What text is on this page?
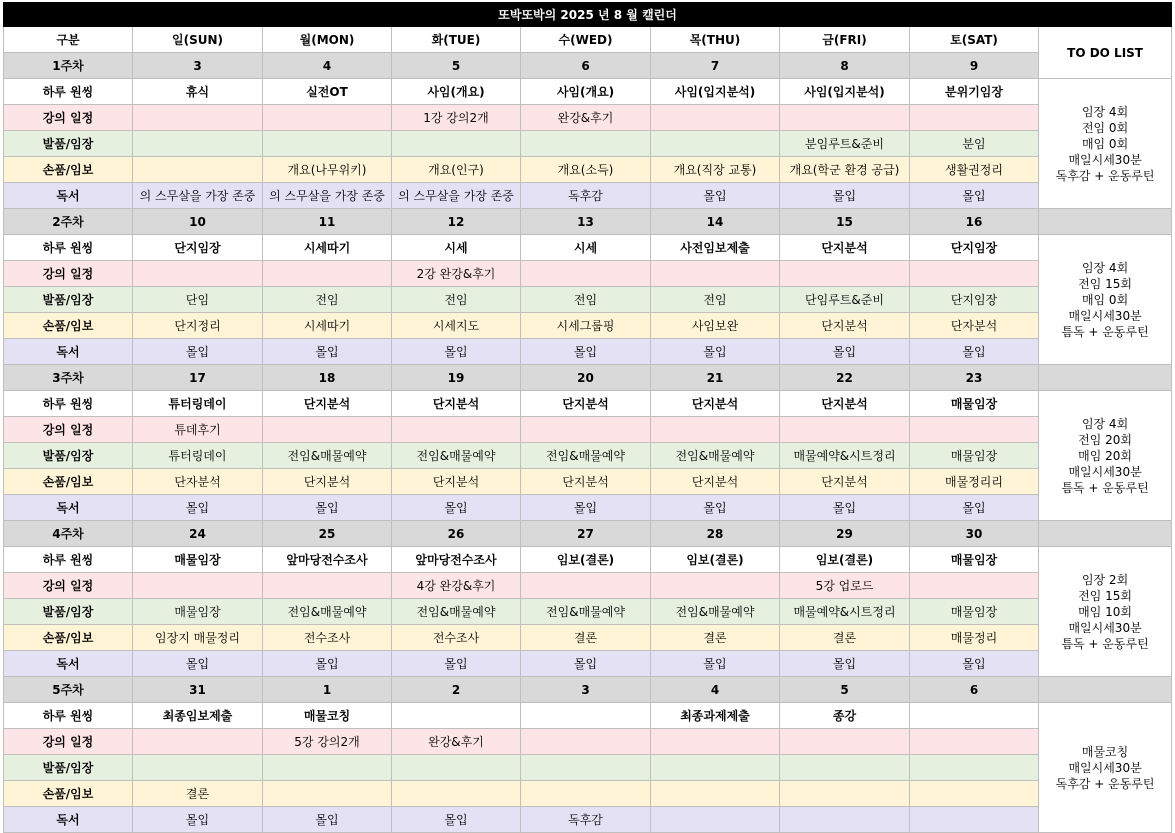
또박또박의 2025 년 8 월 캘린더								
구분	일(SUN)	월(MON)	화(TUE)	수(WED)	목(THU)	금(FRI)	토(SAT)	TO DO LIST
1주차	3	4	5	6	7	8	9	
하루 원씽	휴식	실전OT	사임(개요)	사임(개요)	사임(입지분석)	사임(입지분석)	분위기임장	임장 4회
전임 0회
매임 0회
매일시세30분
독후감 + 운동루틴

강의 일정			1강 강의2개	완강&후기				
발품/임장						분임루트&준비	분임	
손품/임보		개요(나무위키)	개요(인구)	개요(소득)	개요(직장 교통)	개요(학군 환경 공급)	생활권정리	
독서	의 스무살을 가장 존중	의 스무살을 가장 존중	의 스무살을 가장 존중	독후감	몰입	몰입	몰입	
2주차	10	11	12	13	14	15	16	
하루 원씽	단지임장	시세따기	시세	시세	사전임보제출	단지분석	단지임장	임장 4회
전임 15회
매임 0회
매일시세30분
틈독 + 운동루틴

강의 일정			2강 완강&후기					
발품/임장	단임	전임	전임	전임	전임	단임루트&준비	단지임장	
손품/임보	단지정리	시세따기	시세지도	시세그룹핑	사임보완	단지분석	단자분석	
독서	몰입	몰입	몰입	몰입	몰입	몰입	몰입	
3주차	17	18	19	20	21	22	23	
하루 원씽	튜터링데이	단지분석	단지분석	단지분석	단지분석	단지분석	매물임장	임장 4회
전임 20회
매임 20회
매일시세30분
틈독 + 운동루틴

강의 일정	튜데후기							
발품/임장	튜터링데이	전임&매물예약	전임&매물예약	전임&매물예약	전임&매물예약	매물예약&시트정리	매물임장	
손품/임보	단자분석	단지분석	단지분석	단지분석	단지분석	단지분석	매물정리리	
독서	몰입	몰입	몰입	몰입	몰입	몰입	몰입	
4주차	24	25	26	27	28	29	30	
하루 원씽	매물임장	앞마당전수조사	앞마당전수조사	임보(결론)	임보(결론)	임보(결론)	매물임장	임장 2회
전임 15회
매임 10회
매일시세30분
틈독 + 운동루틴

강의 일정			4강 완강&후기			5강 업로드		
발품/임장	매물임장	전임&매물예약	전임&매물예약	전임&매물예약	전임&매물예약	매물예약&시트정리	매물임장	
손품/임보	임장지 매물정리	전수조사	전수조사	결론	결론	결론	매물정리	
독서	몰입	몰입	몰입	몰입	몰입	몰입	몰입	
5주차	31	1	2	3	4	5	6	
하루 원씽	최종임보제출	매물코칭			최종과제제출	종강		매물코칭
매일시세30분
독후감 + 운동루틴

강의 일정		5강 강의2개	완강&후기					
발품/임장								
손품/임보	결론							
독서	몰입	몰입	몰입	독후감				
